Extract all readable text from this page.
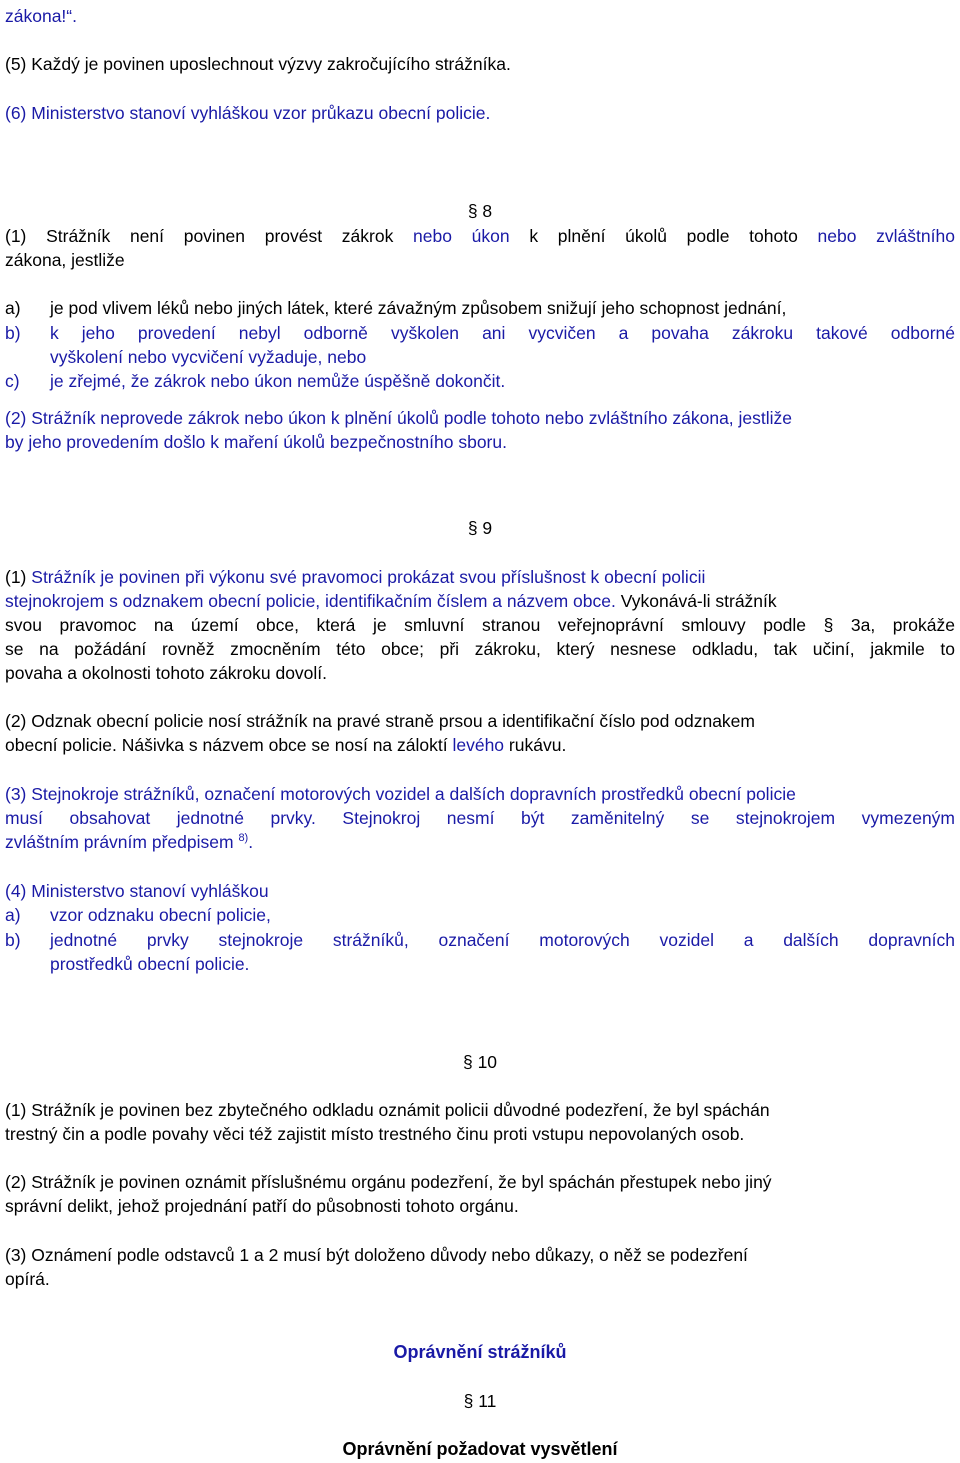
zákona!“.
(5) Každý je povinen uposlechnout výzvy zakročujícího strážníka.
(6) Ministerstvo stanoví vyhláškou vzor průkazu obecní policie.
§ 8
(1) Strážník není povinen provést zákrok nebo úkon k plnění úkolů podle tohoto nebo zvláštního
zákona, jestliže
a) je pod vlivem léků nebo jiných látek, které závažným způsobem snižují jeho schopnost jednání,
b) k jeho provedení nebyl odborně vyškolen ani vycvičen a povaha zákroku takové odborné
vyškolení nebo vycvičení vyžaduje, nebo
c) je zřejmé, že zákrok nebo úkon nemůže úspěšně dokončit.
(2) Strážník neprovede zákrok nebo úkon k plnění úkolů podle tohoto nebo zvláštního zákona, jestliže
by jeho provedením došlo k maření úkolů bezpečnostního sboru.
§ 9
(1) Strážník je povinen při výkonu své pravomoci prokázat svou příslušnost k obecní policii
stejnokrojem s odznakem obecní policie, identifikačním číslem a názvem obce. Vykonává-li strážník
svou pravomoc na území obce, která je smluvní stranou veřejnoprávní smlouvy podle § 3a, prokáže
se na požádání rovněž zmocněním této obce; při zákroku, který nesnese odkladu, tak učiní, jakmile to
povaha a okolnosti tohoto zákroku dovolí.
(2) Odznak obecní policie nosí strážník na pravé straně prsou a identifikační číslo pod odznakem
obecní policie. Nášivka s názvem obce se nosí na záloktí levého rukávu.
(3) Stejnokroje strážníků, označení motorových vozidel a dalších dopravních prostředků obecní policie
musí obsahovat jednotné prvky. Stejnokroj nesmí být zaměnitelný se stejnokrojem vymezeným
zvláštním právním předpisem $^{8)}$.
(4) Ministerstvo stanoví vyhláškou
a) vzor odznaku obecní policie,
b) jednotné prvky stejnokroje strážníků, označení motorových vozidel a dalších dopravních
prostředků obecní policie.
§ 10
(1) Strážník je povinen bez zbytečného odkladu oznámit policii důvodné podezření, že byl spáchán
trestný čin a podle povahy věci též zajistit místo trestného činu proti vstupu nepovolaných osob.
(2) Strážník je povinen oznámit příslušnému orgánu podezření, že byl spáchán přestupek nebo jiný
správní delikt, jehož projednání patří do působnosti tohoto orgánu.
(3) Oznámení podle odstavců 1 a 2 musí být doloženo důvody nebo důkazy, o něž se podezření
opírá.
Oprávnění strážníků
§ 11
Oprávnění požadovat vysvětlení
